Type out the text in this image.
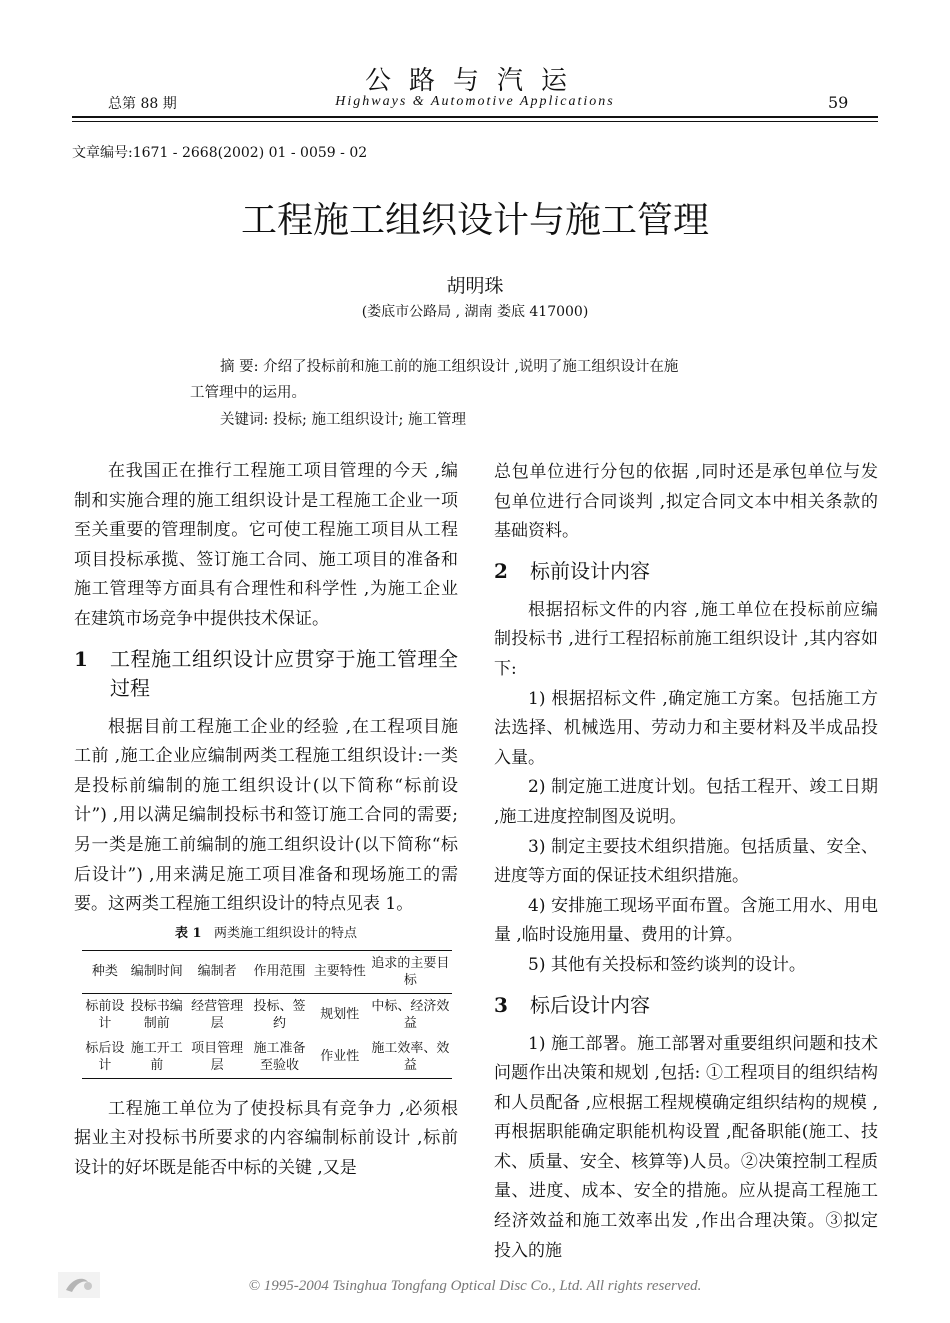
公路与汽运
Highways & Automotive Applications
总第 88 期	59
文章编号:1671 - 2668(2002) 01 - 0059 - 02
工程施工组织设计与施工管理
胡明珠
(娄底市公路局 , 湖南 娄底 417000)
摘 要: 介绍了投标前和施工前的施工组织设计 ,说明了施工组织设计在施
工管理中的运用。
关键词: 投标; 施工组织设计; 施工管理

在我国正在推行工程施工项目管理的今天 ,编制和实施合理的施工组织设计是工程施工企业一项至关重要的管理制度。它可使工程施工项目从工程项目投标承揽、签订施工合同、施工项目的准备和施工管理等方面具有合理性和科学性 ,为施工企业在建筑市场竞争中提供技术保证。

1 工程施工组织设计应贯穿于施工管理全过程

根据目前工程施工企业的经验 ,在工程项目施工前 ,施工企业应编制两类工程施工组织设计:一类是投标前编制的施工组织设计(以下简称“标前设计”) ,用以满足编制投标书和签订施工合同的需要;另一类是施工前编制的施工组织设计(以下简称“标后设计”) ,用来满足施工项目准备和现场施工的需要。这两类工程施工组织设计的特点见表 1。

表 1 两类施工组织设计的特点
种类	编制时间	编制者	作用范围	主要特性	追求的主要目标
标前设计	投标书编制前	经营管理层	投标、签约	规划性	中标、经济效益
标后设计	施工开工前	项目管理层	施工准备至验收	作业性	施工效率、效益

工程施工单位为了使投标具有竞争力 ,必须根据业主对投标书所要求的内容编制标前设计 ,标前设计的好坏既是能否中标的关键 ,又是

总包单位进行分包的依据 ,同时还是承包单位与发包单位进行合同谈判 ,拟定合同文本中相关条款的基础资料。

2 标前设计内容

根据招标文件的内容 ,施工单位在投标前应编制投标书 ,进行工程招标前施工组织设计 ,其内容如下:

1) 根据招标文件 ,确定施工方案。包括施工方法选择、机械选用、劳动力和主要材料及半成品投入量。

2) 制定施工进度计划。包括工程开、竣工日期 ,施工进度控制图及说明。

3) 制定主要技术组织措施。包括质量、安全、进度等方面的保证技术组织措施。

4) 安排施工现场平面布置。含施工用水、用电量 ,临时设施用量、费用的计算。

5) 其他有关投标和签约谈判的设计。

3 标后设计内容

1) 施工部署。施工部署对重要组织问题和技术问题作出决策和规划 ,包括: ①工程项目的组织结构和人员配备 ,应根据工程规模确定组织结构的规模 ,再根据职能确定职能机构设置 ,配备职能(施工、技术、质量、安全、核算等)人员。②决策控制工程质量、进度、成本、安全的措施。应从提高工程施工经济效益和施工效率出发 ,作出合理决策。③拟定投入的施

© 1995-2004 Tsinghua Tongfang Optical Disc Co., Ltd. All rights reserved.
